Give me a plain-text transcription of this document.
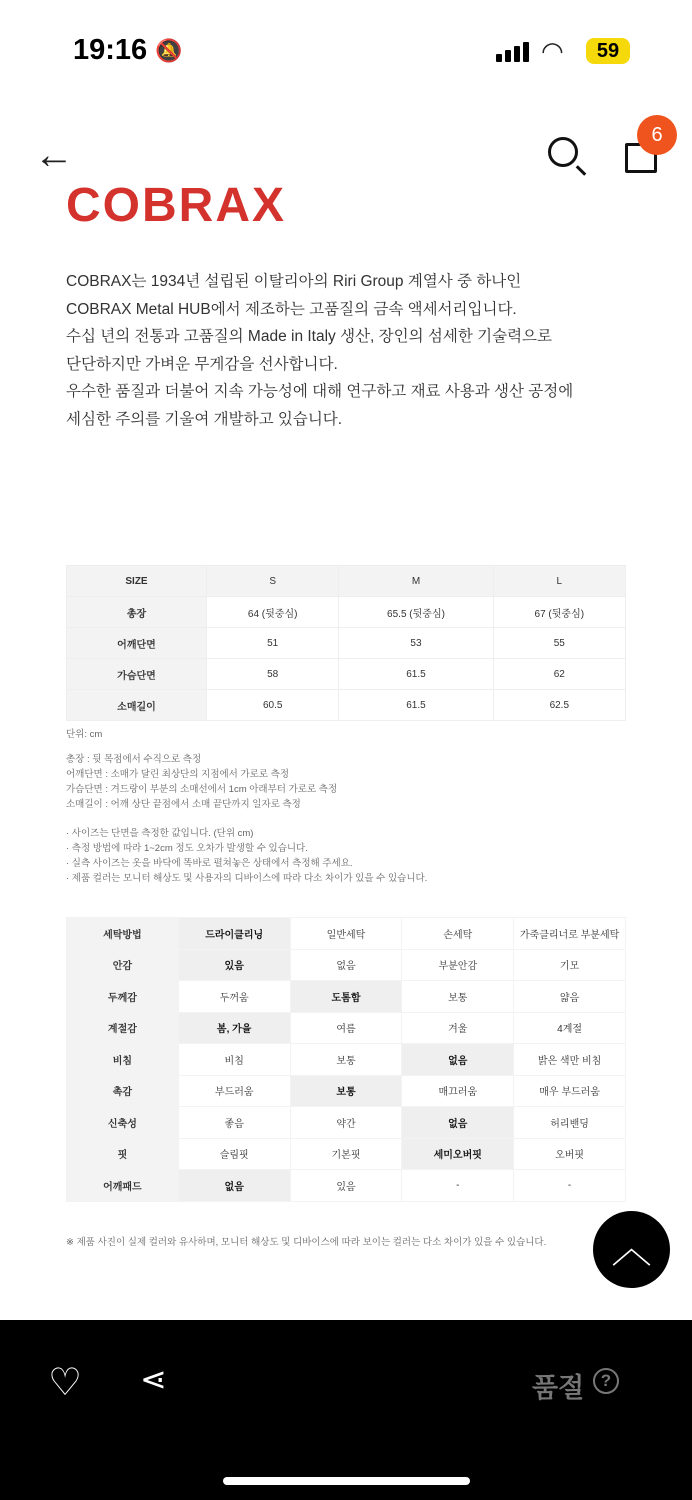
19:16 🔕	◠	59
←	6
COBRAX
COBRAX는 1934년 설립된 이탈리아의 Riri Group 계열사 중 하나인
COBRAX Metal HUB에서 제조하는 고품질의 금속 액세서리입니다.
수십 년의 전통과 고품질의 Made in Italy 생산, 장인의 섬세한 기술력으로
단단하지만 가벼운 무게감을 선사합니다.
우수한 품질과 더불어 지속 가능성에 대해 연구하고 재료 사용과 생산 공정에
세심한 주의를 기울여 개발하고 있습니다.
SIZE	S	M	L
총장	64 (뒷중심)	65.5 (뒷중심)	67 (뒷중심)
어깨단면	51	53	55
가슴단면	58	61.5	62
소매길이	60.5	61.5	62.5
단위: cm
총장 : 뒷 목점에서 수직으로 측정
어깨단면 : 소매가 달린 최상단의 지점에서 가로로 측정
가슴단면 : 겨드랑이 부분의 소매선에서 1cm 아래부터 가로로 측정
소매길이 : 어깨 상단 끝점에서 소매 끝단까지 일자로 측정
· 사이즈는 단면을 측정한 값입니다. (단위 cm)
· 측정 방법에 따라 1~2cm 정도 오차가 발생할 수 있습니다.
· 실측 사이즈는 옷을 바닥에 똑바로 펼쳐놓은 상태에서 측정해 주세요.
· 제품 컬러는 모니터 해상도 및 사용자의 디바이스에 따라 다소 차이가 있을 수 있습니다.
세탁방법	드라이클리닝	일반세탁	손세탁	가죽클리너로 부분세탁
안감	있음	없음	부분안감	기모
두께감	두꺼움	도톰함	보통	얇음
계절감	봄, 가을	여름	겨울	4계절
비침	비침	보통	없음	밝은 색만 비침
촉감	부드러움	보통	매끄러움	매우 부드러움
신축성	좋음	약간	없음	허리밴딩
핏	슬림핏	기본핏	세미오버핏	오버핏
어깨패드	없음	있음	-	-
※ 제품 사진이 실제 컬러와 유사하며, 모니터 해상도 및 디바이스에 따라 보이는 컬러는 다소 차이가 있을 수 있습니다.	︿
♡ ⋖	품절 ?
